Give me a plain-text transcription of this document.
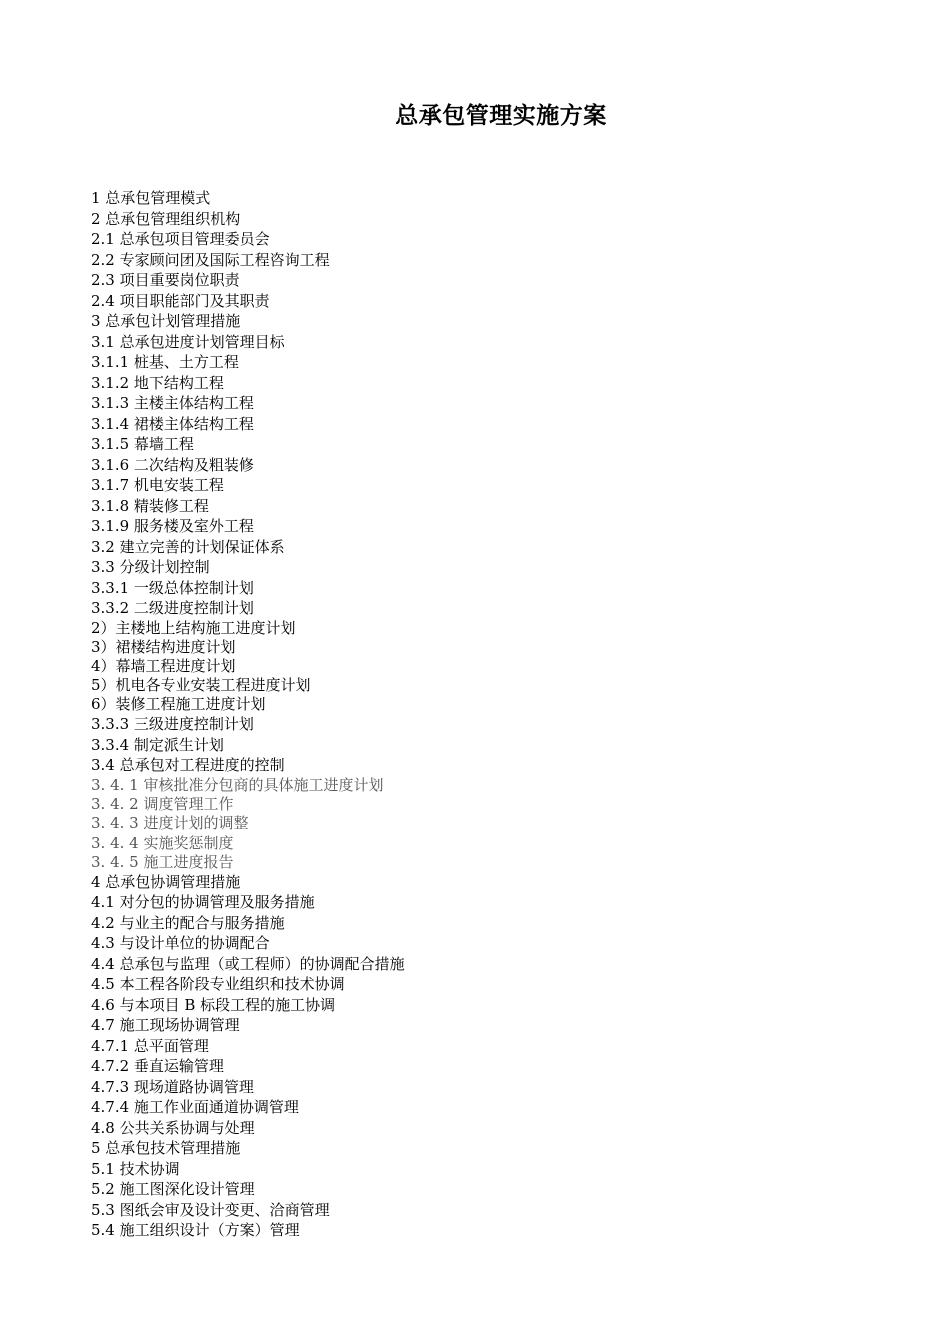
总承包管理实施方案
1 总承包管理模式
2 总承包管理组织机构
2.1 总承包项目管理委员会
2.2 专家顾问团及国际工程咨询工程
2.3 项目重要岗位职责
2.4 项目职能部门及其职责
3 总承包计划管理措施
3.1 总承包进度计划管理目标
3.1.1 桩基、土方工程
3.1.2 地下结构工程
3.1.3 主楼主体结构工程
3.1.4 裙楼主体结构工程
3.1.5 幕墙工程
3.1.6 二次结构及粗装修
3.1.7 机电安装工程
3.1.8 精装修工程
3.1.9 服务楼及室外工程
3.2 建立完善的计划保证体系
3.3 分级计划控制
3.3.1 一级总体控制计划
3.3.2 二级进度控制计划
2）主楼地上结构施工进度计划
3）裙楼结构进度计划
4）幕墙工程进度计划
5）机电各专业安装工程进度计划
6）装修工程施工进度计划
3.3.3 三级进度控制计划
3.3.4 制定派生计划
3.4 总承包对工程进度的控制
3. 4. 1 审核批准分包商的具体施工进度计划
3. 4. 2 调度管理工作
3. 4. 3 进度计划的调整
3. 4. 4 实施奖惩制度
3. 4. 5 施工进度报告
4 总承包协调管理措施
4.1 对分包的协调管理及服务措施
4.2 与业主的配合与服务措施
4.3 与设计单位的协调配合
4.4 总承包与监理（或工程师）的协调配合措施
4.5 本工程各阶段专业组织和技术协调
4.6 与本项目 B 标段工程的施工协调
4.7 施工现场协调管理
4.7.1 总平面管理
4.7.2 垂直运输管理
4.7.3 现场道路协调管理
4.7.4 施工作业面通道协调管理
4.8 公共关系协调与处理
5 总承包技术管理措施
5.1 技术协调
5.2 施工图深化设计管理
5.3 图纸会审及设计变更、洽商管理
5.4 施工组织设计（方案）管理
